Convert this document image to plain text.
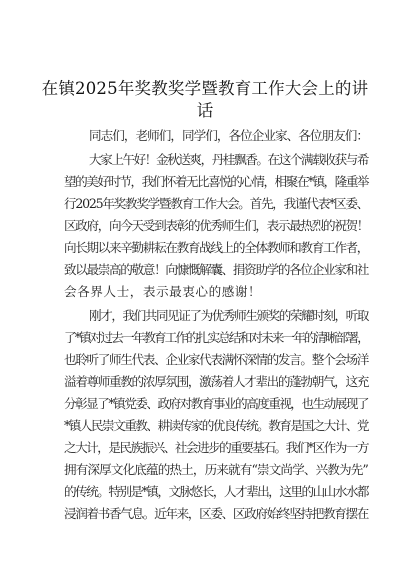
在镇2025年奖教奖学暨教育工作大会上的讲
话
同志们，老师们，同学们，各位企业家、各位朋友们：
大家上午好！金秋送爽，丹桂飘香。在这个满载收获与希
望的美好时节，我们怀着无比喜悦的心情，相聚在*镇，隆重举
行2025年奖教奖学暨教育工作大会。首先，我谨代表*区委、
区政府，向今天受到表彰的优秀师生们，表示最热烈的祝贺！
向长期以来辛勤耕耘在教育战线上的全体教师和教育工作者，
致以最崇高的敬意！向慷慨解囊、捐资助学的各位企业家和社
会各界人士，表示最衷心的感谢！
刚才，我们共同见证了为优秀师生颁奖的荣耀时刻，听取
了*镇对过去一年教育工作的扎实总结和对未来一年的清晰部署，
也聆听了师生代表、企业家代表满怀深情的发言。整个会场洋
溢着尊师重教的浓厚氛围，激荡着人才辈出的蓬勃朝气，这充
分彰显了*镇党委、政府对教育事业的高度重视，也生动展现了
*镇人民崇文重教、耕读传家的优良传统。教育是国之大计、党
之大计，是民族振兴、社会进步的重要基石。我们*区作为一方
拥有深厚文化底蕴的热土，历来就有“崇文尚学、兴教为先”
的传统。特别是*镇，文脉悠长，人才辈出，这里的山山水水都
浸润着书香气息。近年来，区委、区政府始终坚持把教育摆在
